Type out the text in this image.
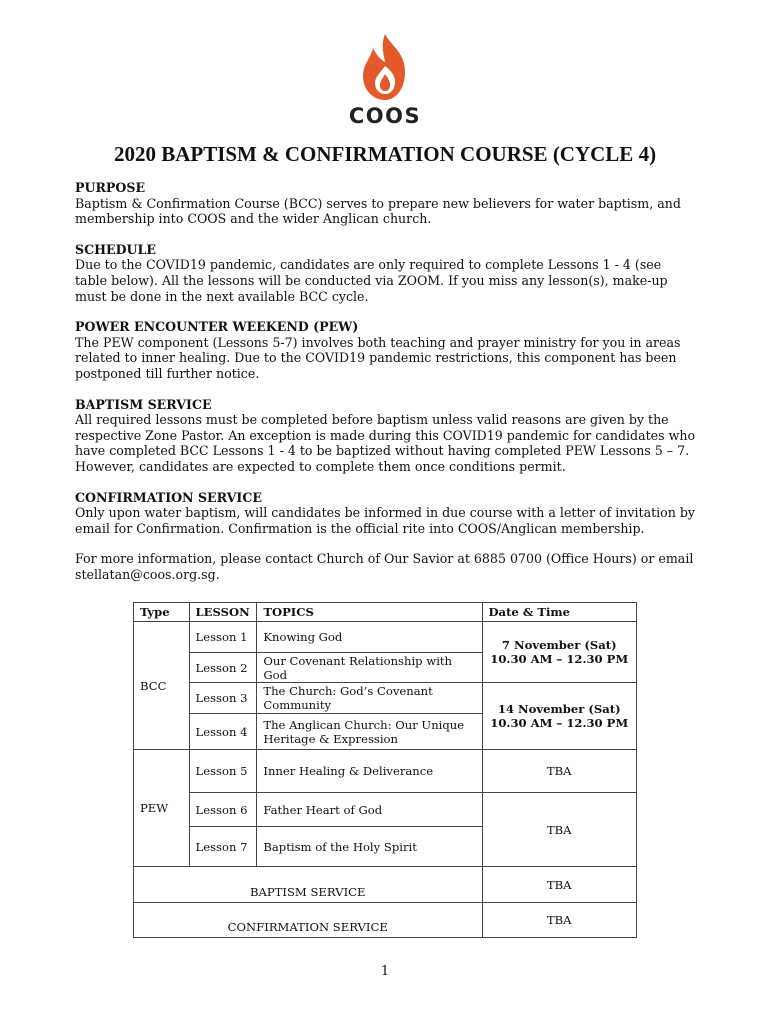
COOS
2020 BAPTISM & CONFIRMATION COURSE (CYCLE 4)
PURPOSE

Baptism & Confirmation Course (BCC) serves to prepare new believers for water baptism, and membership into COOS and the wider Anglican church.

SCHEDULE

Due to the COVID19 pandemic, candidates are only required to complete Lessons 1 - 4 (see table below). All the lessons will be conducted via ZOOM. If you miss any lesson(s), make-up must be done in the next available BCC cycle.

POWER ENCOUNTER WEEKEND (PEW)

The PEW component (Lessons 5-7) involves both teaching and prayer ministry for you in areas related to inner healing. Due to the COVID19 pandemic restrictions, this component has been postponed till further notice.

BAPTISM SERVICE

All required lessons must be completed before baptism unless valid reasons are given by the respective Zone Pastor. An exception is made during this COVID19 pandemic for candidates who have completed BCC Lessons 1 - 4 to be baptized without having completed PEW Lessons 5 – 7. However, candidates are expected to complete them once conditions permit.

CONFIRMATION SERVICE

Only upon water baptism, will candidates be informed in due course with a letter of invitation by email for Confirmation. Confirmation is the official rite into COOS/Anglican membership.

For more information, please contact Church of Our Savior at 6885 0700 (Office Hours) or email stellatan@coos.org.sg.

Type	LESSON	TOPICS	Date & Time
BCC	Lesson 1	Knowing God	7 November (Sat)
10.30 AM – 12.30 PM

	Lesson 2	Our Covenant Relationship with God	
	Lesson 3	The Church: God’s Covenant Community	14 November (Sat)
10.30 AM – 12.30 PM

	Lesson 4	The Anglican Church: Our Unique Heritage & Expression	
PEW	Lesson 5	Inner Healing & Deliverance	TBA
	Lesson 6	Father Heart of God	TBA
	Lesson 7	Baptism of the Holy Spirit	
BAPTISM SERVICE			TBA
CONFIRMATION SERVICE			TBA
1
